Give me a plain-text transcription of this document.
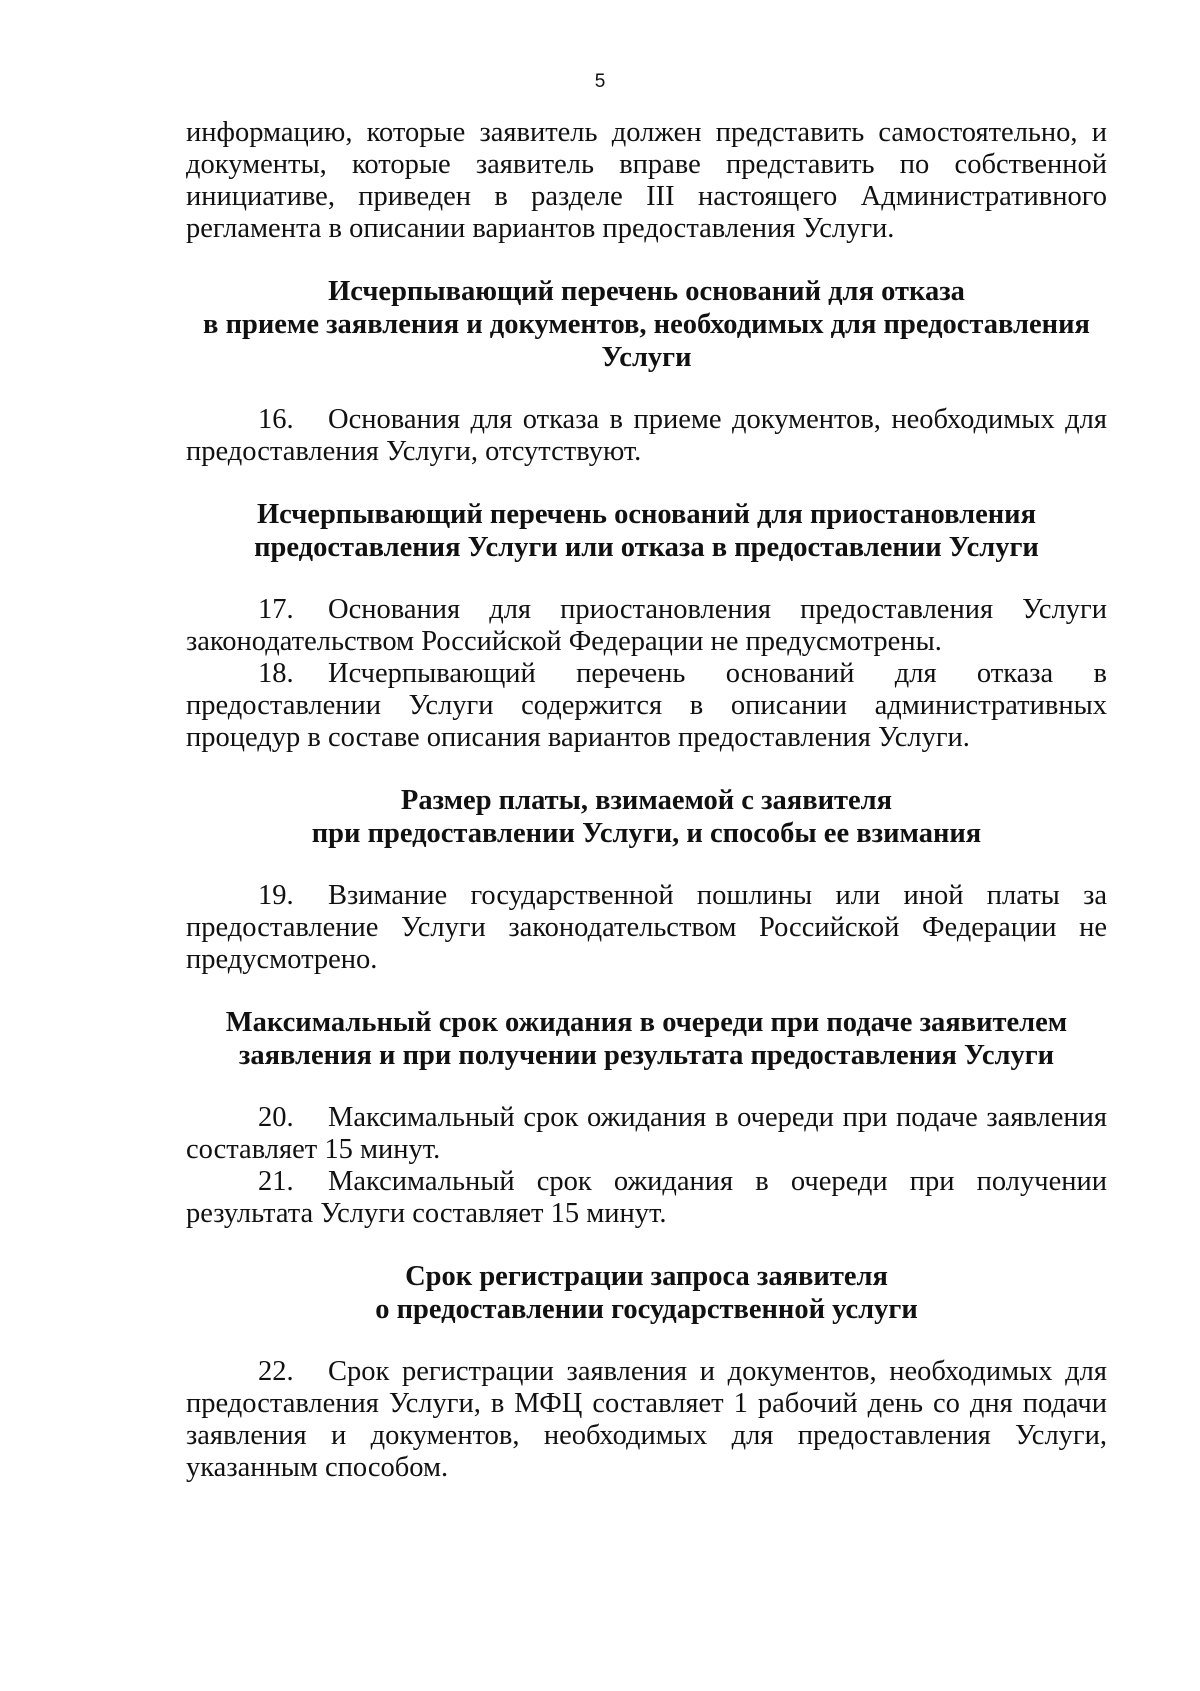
5

информацию, которые заявитель должен представить самостоятельно, и документы, которые заявитель вправе представить по собственной инициативе, приведен в разделе III настоящего Административного регламента в описании вариантов предоставления Услуги.

Исчерпывающий перечень оснований для отказа
в приеме заявления и документов, необходимых для предоставления
Услуги

16. Основания для отказа в приеме документов, необходимых для предоставления Услуги, отсутствуют.

Исчерпывающий перечень оснований для приостановления
предоставления Услуги или отказа в предоставлении Услуги

17. Основания для приостановления предоставления Услуги законодательством Российской Федерации не предусмотрены.

18. Исчерпывающий перечень оснований для отказа в предоставлении Услуги содержится в описании административных процедур в составе описания вариантов предоставления Услуги.

Размер платы, взимаемой с заявителя
при предоставлении Услуги, и способы ее взимания

19. Взимание государственной пошлины или иной платы за предоставление Услуги законодательством Российской Федерации не предусмотрено.

Максимальный срок ожидания в очереди при подаче заявителем
заявления и при получении результата предоставления Услуги

20. Максимальный срок ожидания в очереди при подаче заявления составляет 15 минут.

21. Максимальный срок ожидания в очереди при получении результата Услуги составляет 15 минут.

Срок регистрации запроса заявителя
о предоставлении государственной услуги

22. Срок регистрации заявления и документов, необходимых для предоставления Услуги, в МФЦ составляет 1 рабочий день со дня подачи заявления и документов, необходимых для предоставления Услуги, указанным способом.
